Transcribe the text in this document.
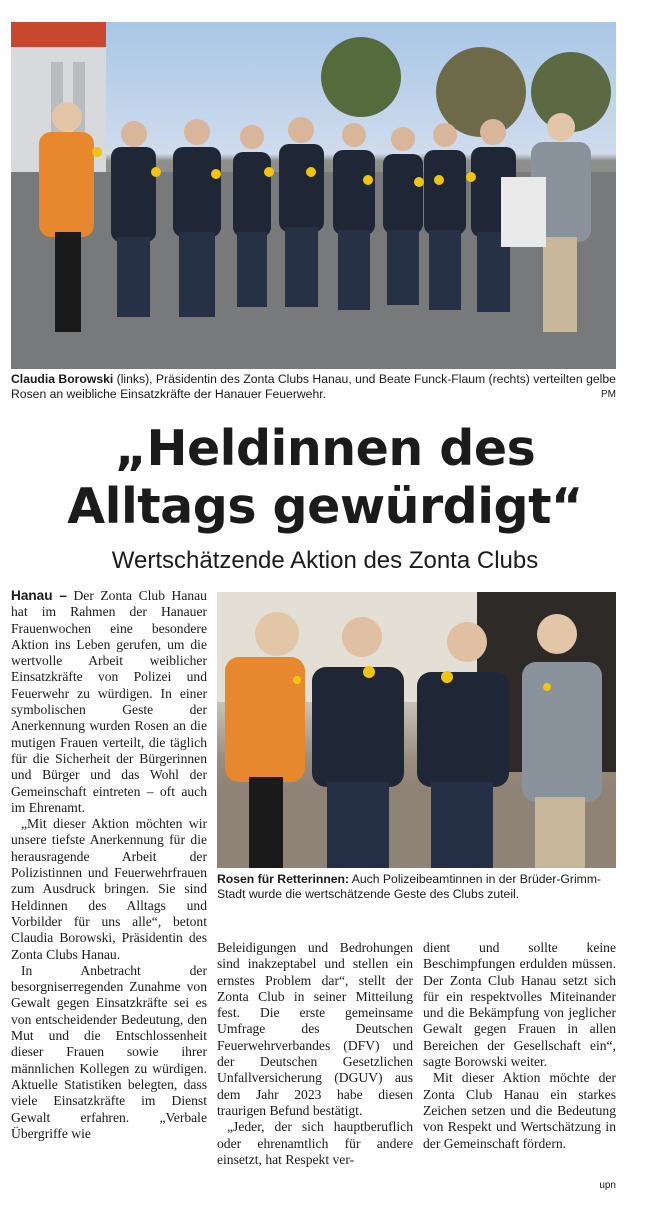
Claudia Borowski (links), Präsidentin des Zonta Clubs Hanau, und Beate Funck-Flaum (rechts) verteilten gelbe Rosen an weibliche Einsatzkräfte der Hanauer Feuerwehr.	PM
„Heldinnen des
Alltags gewürdigt“
Wertschätzende Aktion des Zonta Clubs

Hanau – Der Zonta Club Hanau hat im Rahmen der Hanauer Frauenwochen eine besondere Aktion ins Leben gerufen, um die wertvolle Arbeit weiblicher Einsatzkräfte von Polizei und Feuerwehr zu würdigen. In einer symbolischen Geste der Anerkennung wurden Rosen an die mutigen Frauen verteilt, die täglich für die Sicherheit der Bürgerinnen und Bürger und das Wohl der Gemeinschaft eintreten – oft auch im Ehrenamt.

„Mit dieser Aktion möchten wir unsere tiefste Anerkennung für die herausragende Arbeit der Polizistinnen und Feuerwehrfrauen zum Ausdruck bringen. Sie sind Heldinnen des Alltags und Vorbilder für uns alle“, betont Claudia Borowski, Präsidentin des Zonta Clubs Hanau.

In Anbetracht der besorgniserregenden Zunahme von Gewalt gegen Einsatzkräfte sei es von entscheidender Bedeutung, den Mut und die Entschlossenheit dieser Frauen sowie ihrer männlichen Kollegen zu würdigen. Aktuelle Statistiken belegten, dass viele Einsatzkräfte im Dienst Gewalt erfahren. „Verbale Übergriffe wie

Rosen für Retterinnen: Auch Polizeibeamtinnen in der Brüder-Grimm-Stadt wurde die wertschätzende Geste des Clubs zuteil.

Beleidigungen und Bedrohungen sind inakzeptabel und stellen ein ernstes Problem dar“, stellt der Zonta Club in seiner Mitteilung fest. Die erste gemeinsame Umfrage des Deutschen Feuerwehrverbandes (DFV) und der Deutschen Gesetzlichen Unfallversicherung (DGUV) aus dem Jahr 2023 habe diesen traurigen Befund bestätigt.

„Jeder, der sich hauptberuflich oder ehrenamtlich für andere einsetzt, hat Respekt ver-

dient und sollte keine Beschimpfungen erdulden müssen. Der Zonta Club Hanau setzt sich für ein respektvolles Miteinander und die Bekämpfung von jeglicher Gewalt gegen Frauen in allen Bereichen der Gesellschaft ein“, sagte Borowski weiter.

Mit dieser Aktion möchte der Zonta Club Hanau ein starkes Zeichen setzen und die Bedeutung von Respekt und Wertschätzung in der Gemeinschaft fördern.

upn
